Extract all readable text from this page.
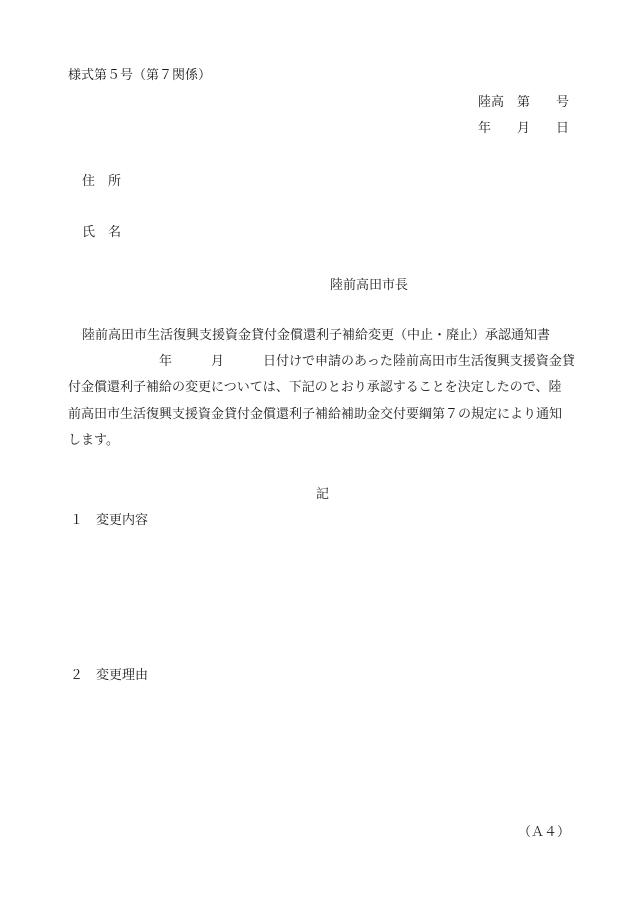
様式第５号（第７関係）
陸高　第　　号
年　　月　　日
住　所
氏　名
陸前高田市長
陸前高田市生活復興支援資金貸付金償還利子補給変更（中止・廃止）承認通知書
　　　　　　　年　　　月　　　日付けで申請のあった陸前高田市生活復興支援資金貸
付金償還利子補給の変更については、下記のとおり承認することを決定したので、陸
前高田市生活復興支援資金貸付金償還利子補給補助金交付要綱第７の規定により通知
します。
記
１　変更内容
２　変更理由
（Ａ４）
